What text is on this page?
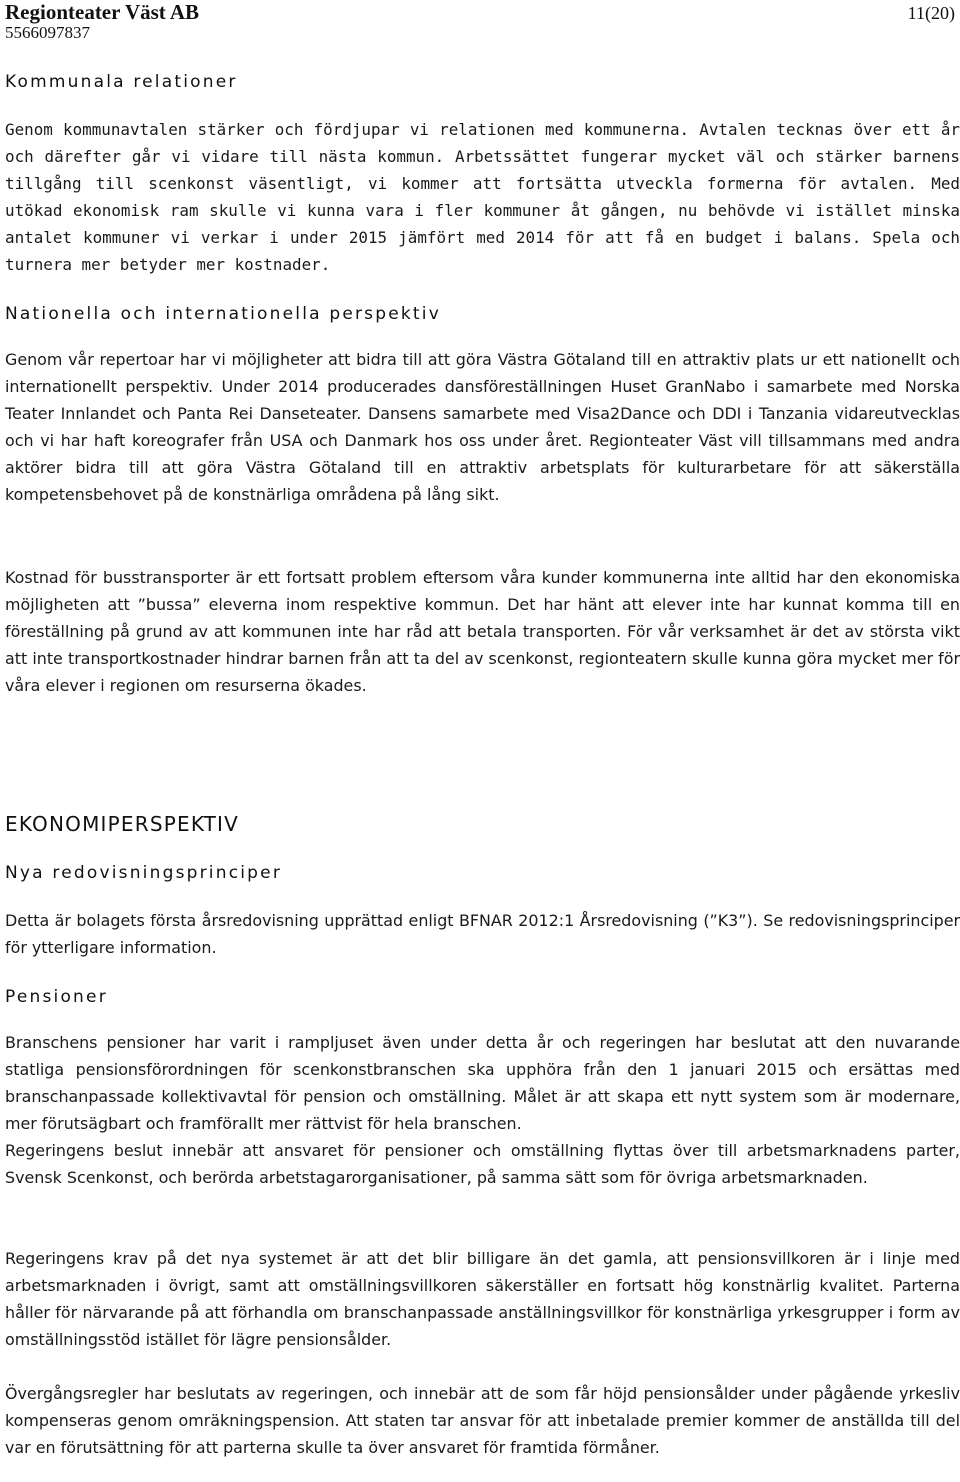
Regionteater Väst AB
5566097837
11(20)
Kommunala relationer

Genom kommunavtalen stärker och fördjupar vi relationen med kommunerna. Avtalen tecknas över ett år och därefter går vi vidare till nästa kommun. Arbetssättet fungerar mycket väl och stärker barnens tillgång till scenkonst väsentligt, vi kommer att fortsätta utveckla formerna för avtalen. Med utökad ekonomisk ram skulle vi kunna vara i fler kommuner åt gången, nu behövde vi istället minska antalet kommuner vi verkar i under 2015 jämfört med 2014 för att få en budget i balans. Spela och turnera mer betyder mer kostnader.

Nationella och internationella perspektiv

Genom vår repertoar har vi möjligheter att bidra till att göra Västra Götaland till en attraktiv plats ur ett nationellt och internationellt perspektiv. Under 2014 producerades dansföreställningen Huset GranNabo i samarbete med Norska Teater Innlandet och Panta Rei Danseteater. Dansens samarbete med Visa2Dance och DDI i Tanzania vidareutvecklas och vi har haft koreografer från USA och Danmark hos oss under året. Regionteater Väst vill tillsammans med andra aktörer bidra till att göra Västra Götaland till en attraktiv arbetsplats för kulturarbetare för att säkerställa kompetensbehovet på de konstnärliga områdena på lång sikt.

Kostnad för busstransporter är ett fortsatt problem eftersom våra kunder kommunerna inte alltid har den ekonomiska möjligheten att ”bussa” eleverna inom respektive kommun. Det har hänt att elever inte har kunnat komma till en föreställning på grund av att kommunen inte har råd att betala transporten. För vår verksamhet är det av största vikt att inte transportkostnader hindrar barnen från att ta del av scenkonst, regionteatern skulle kunna göra mycket mer för våra elever i regionen om resurserna ökades.

EKONOMIPERSPEKTIV
Nya redovisningsprinciper

Detta är bolagets första årsredovisning upprättad enligt BFNAR 2012:1 Årsredovisning (”K3”). Se redovisningsprinciper för ytterligare information.

Pensioner

Branschens pensioner har varit i rampljuset även under detta år och regeringen har beslutat att den nuvarande statliga pensionsförordningen för scenkonstbranschen ska upphöra från den 1 januari 2015 och ersättas med branschanpassade kollektivavtal för pension och omställning. Målet är att skapa ett nytt system som är modernare, mer förutsägbart och framförallt mer rättvist för hela branschen.

Regeringens beslut innebär att ansvaret för pensioner och omställning flyttas över till arbetsmarknadens parter, Svensk Scenkonst, och berörda arbetstagarorganisationer, på samma sätt som för övriga arbetsmarknaden.

Regeringens krav på det nya systemet är att det blir billigare än det gamla, att pensionsvillkoren är i linje med arbetsmarknaden i övrigt, samt att omställningsvillkoren säkerställer en fortsatt hög konstnärlig kvalitet. Parterna håller för närvarande på att förhandla om branschanpassade anställningsvillkor för konstnärliga yrkesgrupper i form av omställningsstöd istället för lägre pensionsålder.

Övergångsregler har beslutats av regeringen, och innebär att de som får höjd pensionsålder under pågående yrkesliv kompenseras genom omräkningspension. Att staten tar ansvar för att inbetalade premier kommer de anställda till del var en förutsättning för att parterna skulle ta över ansvaret för framtida förmåner.
